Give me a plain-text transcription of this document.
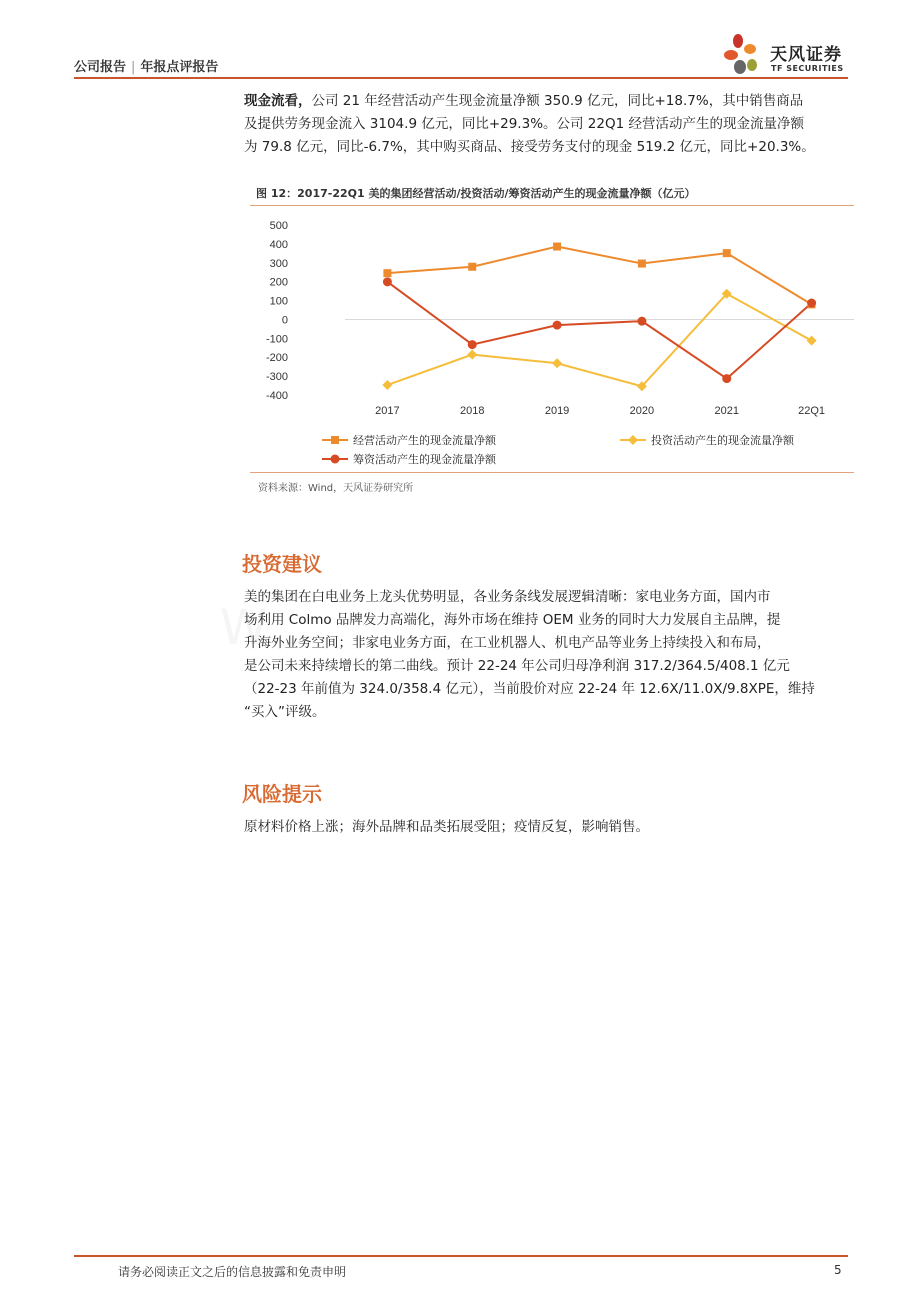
公司报告 | 年报点评报告
天风证券
TF SECURITIES
现金流看，公司 21 年经营活动产生现金流量净额 350.9 亿元，同比+18.7%，其中销售商品
及提供劳务现金流入 3104.9 亿元，同比+29.3%。公司 22Q1 经营活动产生的现金流量净额
为 79.8 亿元，同比-6.7%，其中购买商品、接受劳务支付的现金 519.2 亿元，同比+20.3%。
图 12：2017-22Q1 美的集团经营活动/投资活动/筹资活动产生的现金流量净额（亿元）
500
400
300
200
100
0
-100
-200
-300
-400
2017	2018	2019	2020	2021	22Q1
经营活动产生的现金流量净额	投资活动产生的现金流量净额
筹资活动产生的现金流量净额
资料来源：Wind，天风证券研究所
W
投资建议
美的集团在白电业务上龙头优势明显，各业务条线发展逻辑清晰：家电业务方面，国内市
场利用 Colmo 品牌发力高端化，海外市场在维持 OEM 业务的同时大力发展自主品牌，提
升海外业务空间；非家电业务方面，在工业机器人、机电产品等业务上持续投入和布局，
是公司未来持续增长的第二曲线。预计 22-24 年公司归母净利润 317.2/364.5/408.1 亿元
（22-23 年前值为 324.0/358.4 亿元），当前股价对应 22-24 年 12.6X/11.0X/9.8XPE，维持
“买入”评级。
风险提示
原材料价格上涨；海外品牌和品类拓展受阻；疫情反复，影响销售。
请务必阅读正文之后的信息披露和免责申明	5
